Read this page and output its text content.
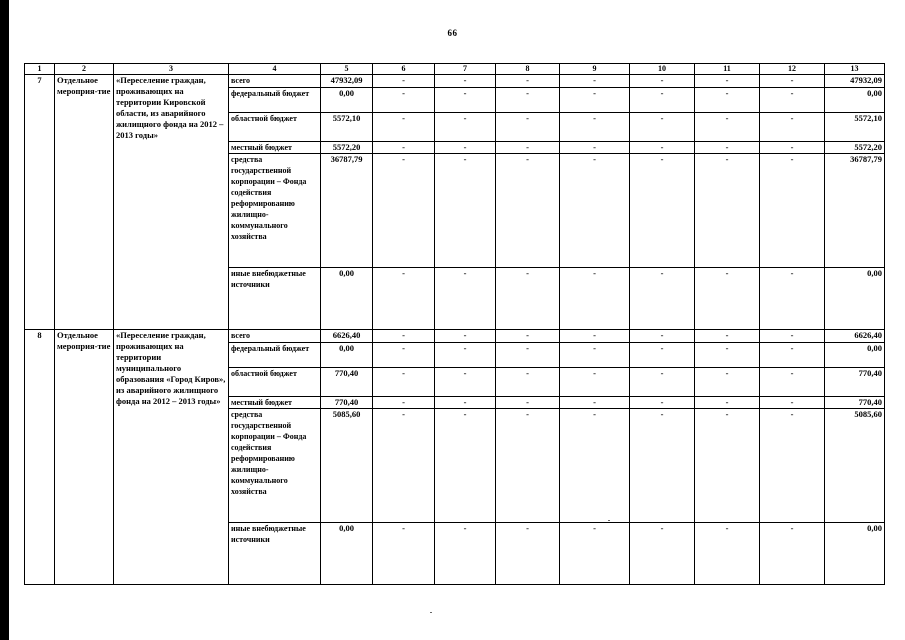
66
1	2	3	4	5	6	7	8	9	10	11	12	13
7	Отдельное мероприя-тие	«Переселение граждан, проживающих на территории Кировской области, из аварийного жилищного фонда на 2012 – 2013 годы»	всего	47932,09	-	-	-	-	-	-	-	47932,09
			федеральный бюджет	0,00	-	-	-	-	-	-	-	0,00
			областной бюджет	5572,10	-	-	-	-	-	-	-	5572,10
			местный бюджет	5572,20	-	-	-	-	-	-	-	5572,20
			средства государственной корпорации – Фонда содействия реформированию жилищно-коммунального хозяйства	36787,79	-	-	-	-	-	-	-	36787,79
			иные внебюджетные источники	0,00	-	-	-	-	-	-	-	0,00
8	Отдельное мероприя-тие	«Переселение граждан, проживающих на территории муниципального образования «Город Киров», из аварийного жилищного фонда на 2012 – 2013 годы»	всего	6626,40	-	-	-	-	-	-	-	6626,40
			федеральный бюджет	0,00	-	-	-	-	-	-	-	0,00
			областной бюджет	770,40	-	-	-	-	-	-	-	770,40
			местный бюджет	770,40	-	-	-	-	-	-	-	770,40
			средства государственной корпорации – Фонда содействия реформированию жилищно-коммунального хозяйства	5085,60	-	-	-	-	-	-	-	5085,60
			иные внебюджетные источники	0,00	-	-	-	-	-	-	-	0,00
